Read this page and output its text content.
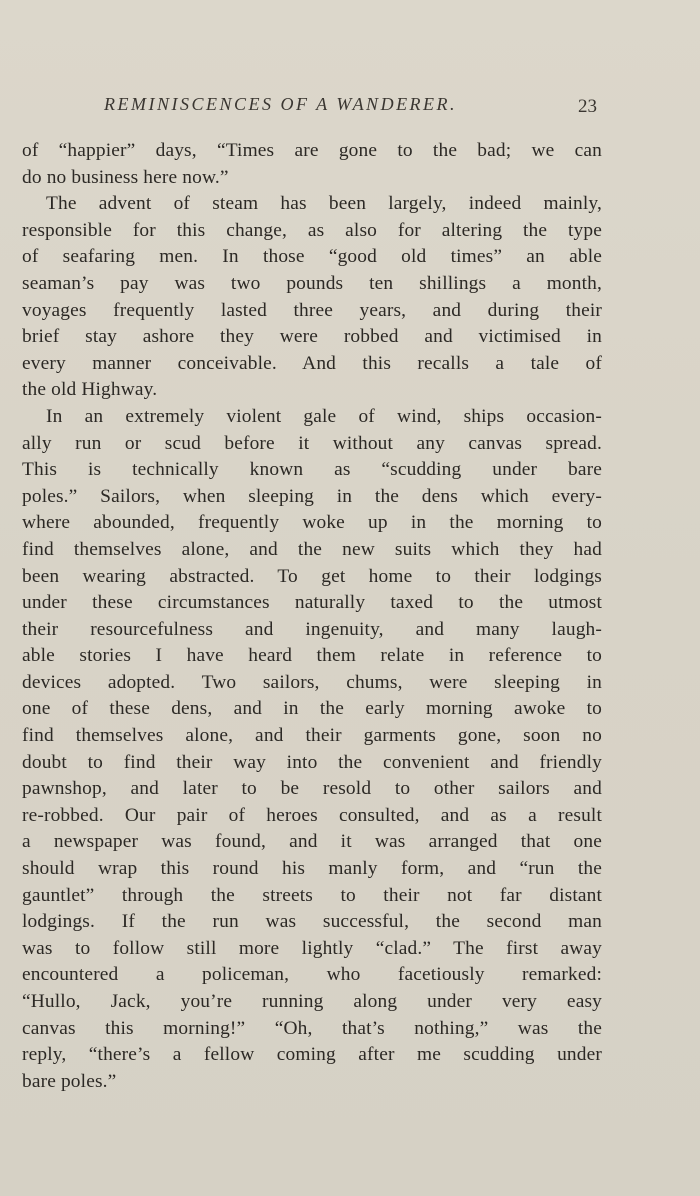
REMINISCENCES OF A WANDERER.	23
of “happier” days, “Times are gone to the bad; we can
do no business here now.”
The advent of steam has been largely, indeed mainly,
responsible for this change, as also for altering the type
of seafaring men. In those “good old times” an able
seaman’s pay was two pounds ten shillings a month,
voyages frequently lasted three years, and during their
brief stay ashore they were robbed and victimised in
every manner conceivable. And this recalls a tale of
the old Highway.
In an extremely violent gale of wind, ships occasion-
ally run or scud before it without any canvas spread.
This is technically known as “scudding under bare
poles.” Sailors, when sleeping in the dens which every-
where abounded, frequently woke up in the morning to
find themselves alone, and the new suits which they had
been wearing abstracted. To get home to their lodgings
under these circumstances naturally taxed to the utmost
their resourcefulness and ingenuity, and many laugh-
able stories I have heard them relate in reference to
devices adopted. Two sailors, chums, were sleeping in
one of these dens, and in the early morning awoke to
find themselves alone, and their garments gone, soon no
doubt to find their way into the convenient and friendly
pawnshop, and later to be resold to other sailors and
re-robbed. Our pair of heroes consulted, and as a result
a newspaper was found, and it was arranged that one
should wrap this round his manly form, and “run the
gauntlet” through the streets to their not far distant
lodgings. If the run was successful, the second man
was to follow still more lightly “clad.” The first away
encountered a policeman, who facetiously remarked:
“Hullo, Jack, you’re running along under very easy
canvas this morning!” “Oh, that’s nothing,” was the
reply, “there’s a fellow coming after me scudding under
bare poles.”
